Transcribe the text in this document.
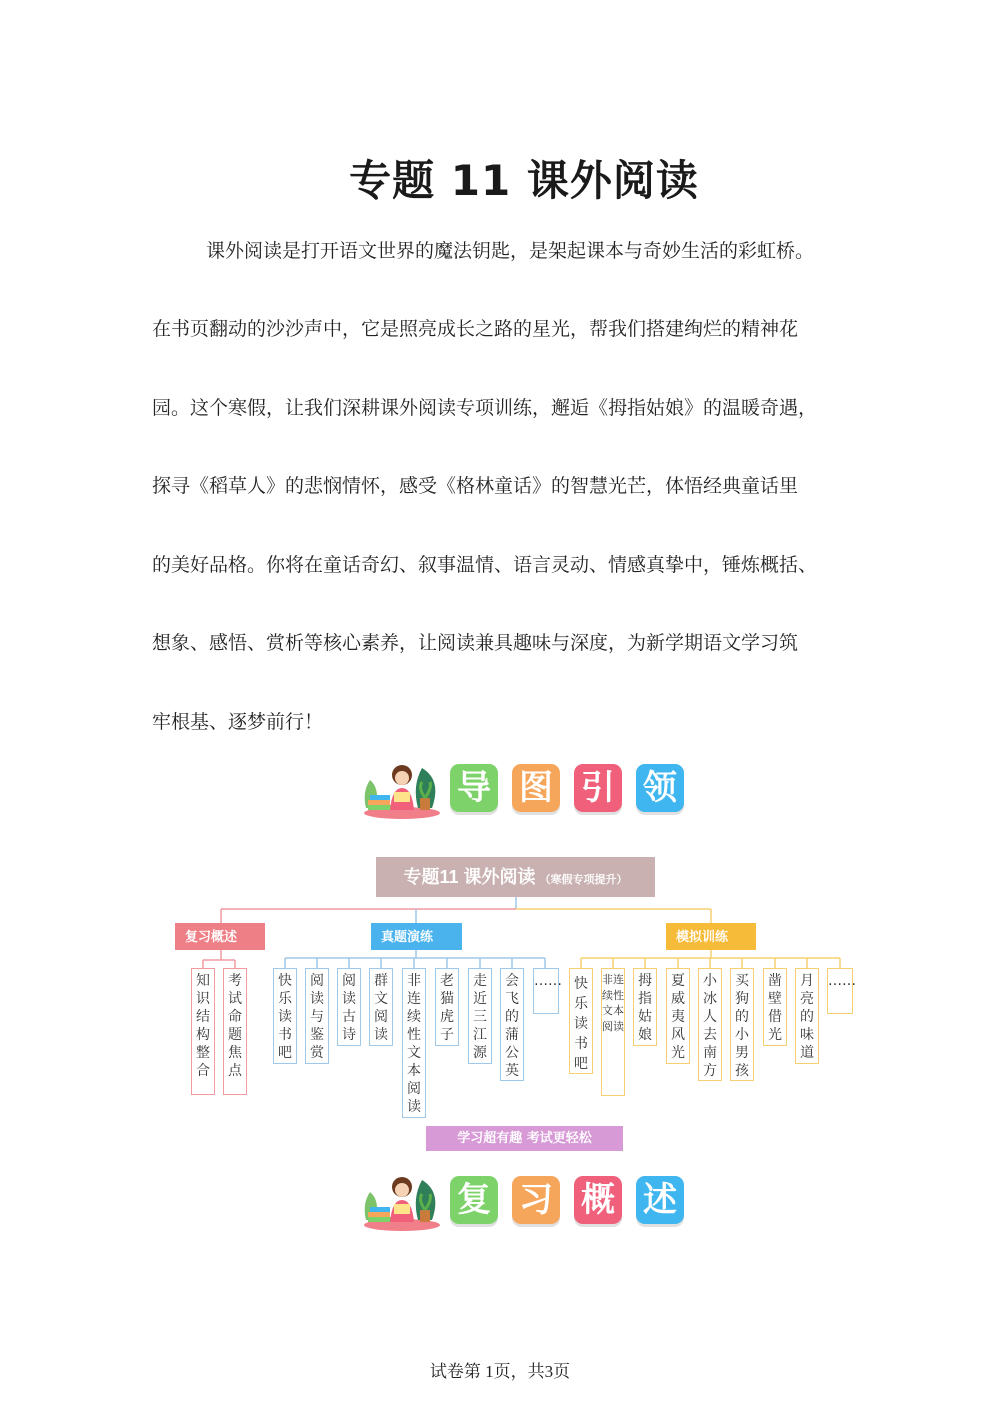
专题 11 课外阅读
课外阅读是打开语文世界的魔法钥匙，是架起课本与奇妙生活的彩虹桥。
在书页翻动的沙沙声中，它是照亮成长之路的星光，帮我们搭建绚烂的精神花
园。这个寒假，让我们深耕课外阅读专项训练，邂逅《拇指姑娘》的温暖奇遇，
探寻《稻草人》的悲悯情怀，感受《格林童话》的智慧光芒，体悟经典童话里
的美好品格。你将在童话奇幻、叙事温情、语言灵动、情感真挚中，锤炼概括、
想象、感悟、赏析等核心素养，让阅读兼具趣味与深度，为新学期语文学习筑
牢根基、逐梦前行！
导 图 引 领
专题11 课外阅读 （寒假专项提升）
复习概述	真题演练	模拟训练
知识结构整合
考试命题焦点
快乐读书吧
阅读与鉴赏
阅读古诗
群文阅读
非连续性文本阅读
老猫虎子
走近三江源
会飞的蒲公英
…… 快乐读书吧
非连续性文本阅读
拇指姑娘
夏威夷风光
小冰人去南方
买狗的小男孩
凿壁借光
月亮的味道
……
学习超有趣 考试更轻松
复 习 概 述
试卷第 1页，共3页
